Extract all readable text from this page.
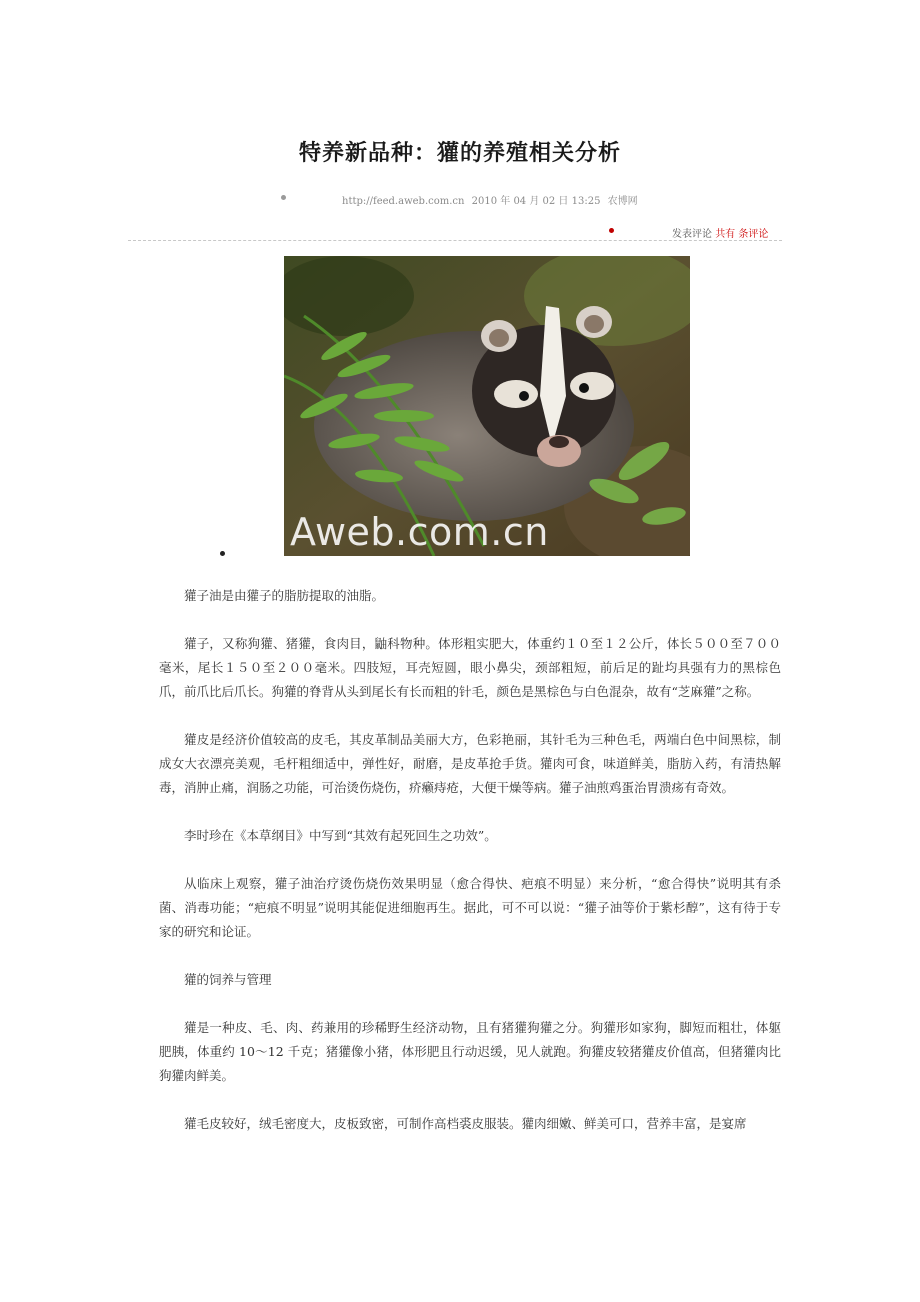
特养新品种：獾的养殖相关分析
http://feed.aweb.com.cn 2010 年 04 月 02 日 13:25 农博网
发表评论 共有 条评论
Aweb.com.cn

獾子油是由獾子的脂肪提取的油脂。

獾子，又称狗獾、猪獾，食肉目，鼬科物种。体形粗实肥大，体重约１０至１２公斤，体长５００至７００毫米，尾长１５０至２００毫米。四肢短，耳壳短圆，眼小鼻尖，颈部粗短，前后足的趾均具强有力的黑棕色爪，前爪比后爪长。狗獾的脊背从头到尾长有长而粗的针毛，颜色是黑棕色与白色混杂，故有“芝麻獾”之称。

獾皮是经济价值较高的皮毛，其皮革制品美丽大方，色彩艳丽，其针毛为三种色毛，两端白色中间黑棕，制成女大衣漂亮美观，毛杆粗细适中，弹性好，耐磨，是皮革抢手货。獾肉可食，味道鲜美，脂肪入药，有清热解毒，消肿止痛，润肠之功能，可治烫伤烧伤，疥癞痔疮，大便干燥等病。獾子油煎鸡蛋治胃溃疡有奇效。

李时珍在《本草纲目》中写到“其效有起死回生之功效”。

从临床上观察，獾子油治疗烫伤烧伤效果明显（愈合得快、疤痕不明显）来分析，“愈合得快”说明其有杀菌、消毒功能；“疤痕不明显”说明其能促进细胞再生。据此，可不可以说：“獾子油等价于紫杉醇”，这有待于专家的研究和论证。

獾的饲养与管理

獾是一种皮、毛、肉、药兼用的珍稀野生经济动物，且有猪獾狗獾之分。狗獾形如家狗，脚短而粗壮，体躯肥胰，体重约 10～12 千克；猪獾像小猪，体形肥且行动迟缓，见人就跑。狗獾皮较猪獾皮价值高，但猪獾肉比狗獾肉鲜美。

獾毛皮较好，绒毛密度大，皮板致密，可制作高档裘皮服装。獾肉细嫩、鲜美可口，营养丰富，是宴席
